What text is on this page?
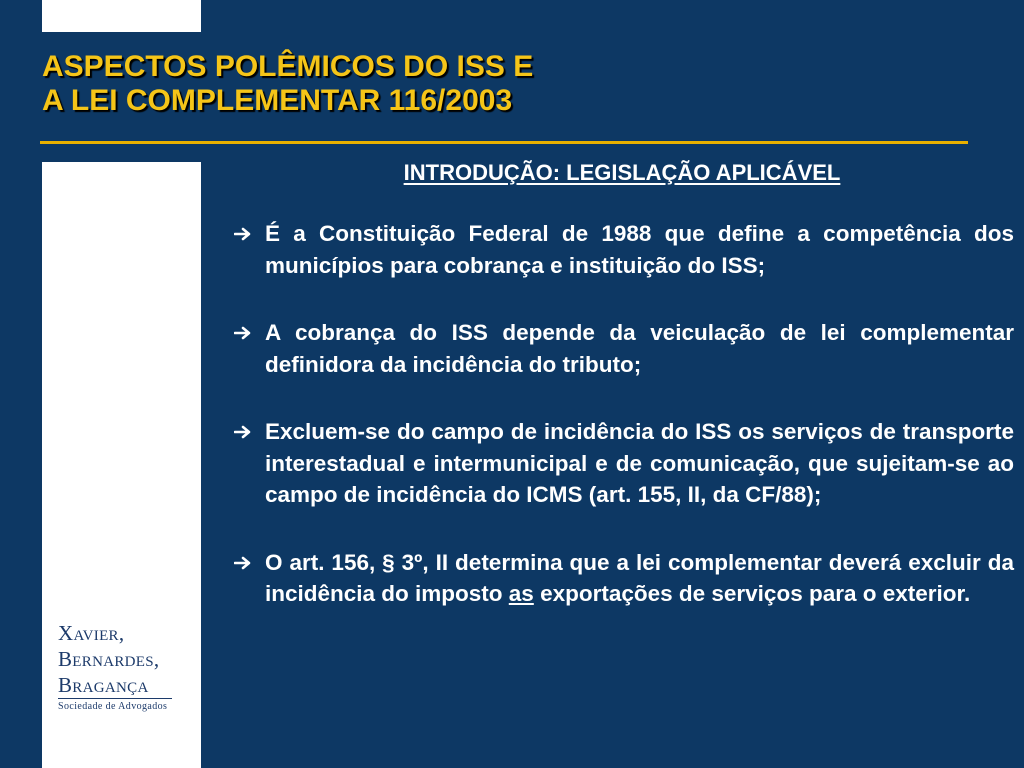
ASPECTOS POLÊMICOS DO ISS E
A LEI COMPLEMENTAR 116/2003
INTRODUÇÃO: LEGISLAÇÃO APLICÁVEL
É a Constituição Federal de 1988 que define a competência dos municípios para cobrança e instituição do ISS;
A cobrança do ISS depende da veiculação de lei complementar definidora da incidência do tributo;
Excluem-se do campo de incidência do ISS os serviços de transporte interestadual e intermunicipal e de comunicação, que sujeitam-se ao campo de incidência do ICMS (art. 155, II, da CF/88);
O art. 156, § 3º, II determina que a lei complementar deverá excluir da incidência do imposto as exportações de serviços para o exterior.
Xavier,
Bernardes,
Bragança
Sociedade de Advogados
